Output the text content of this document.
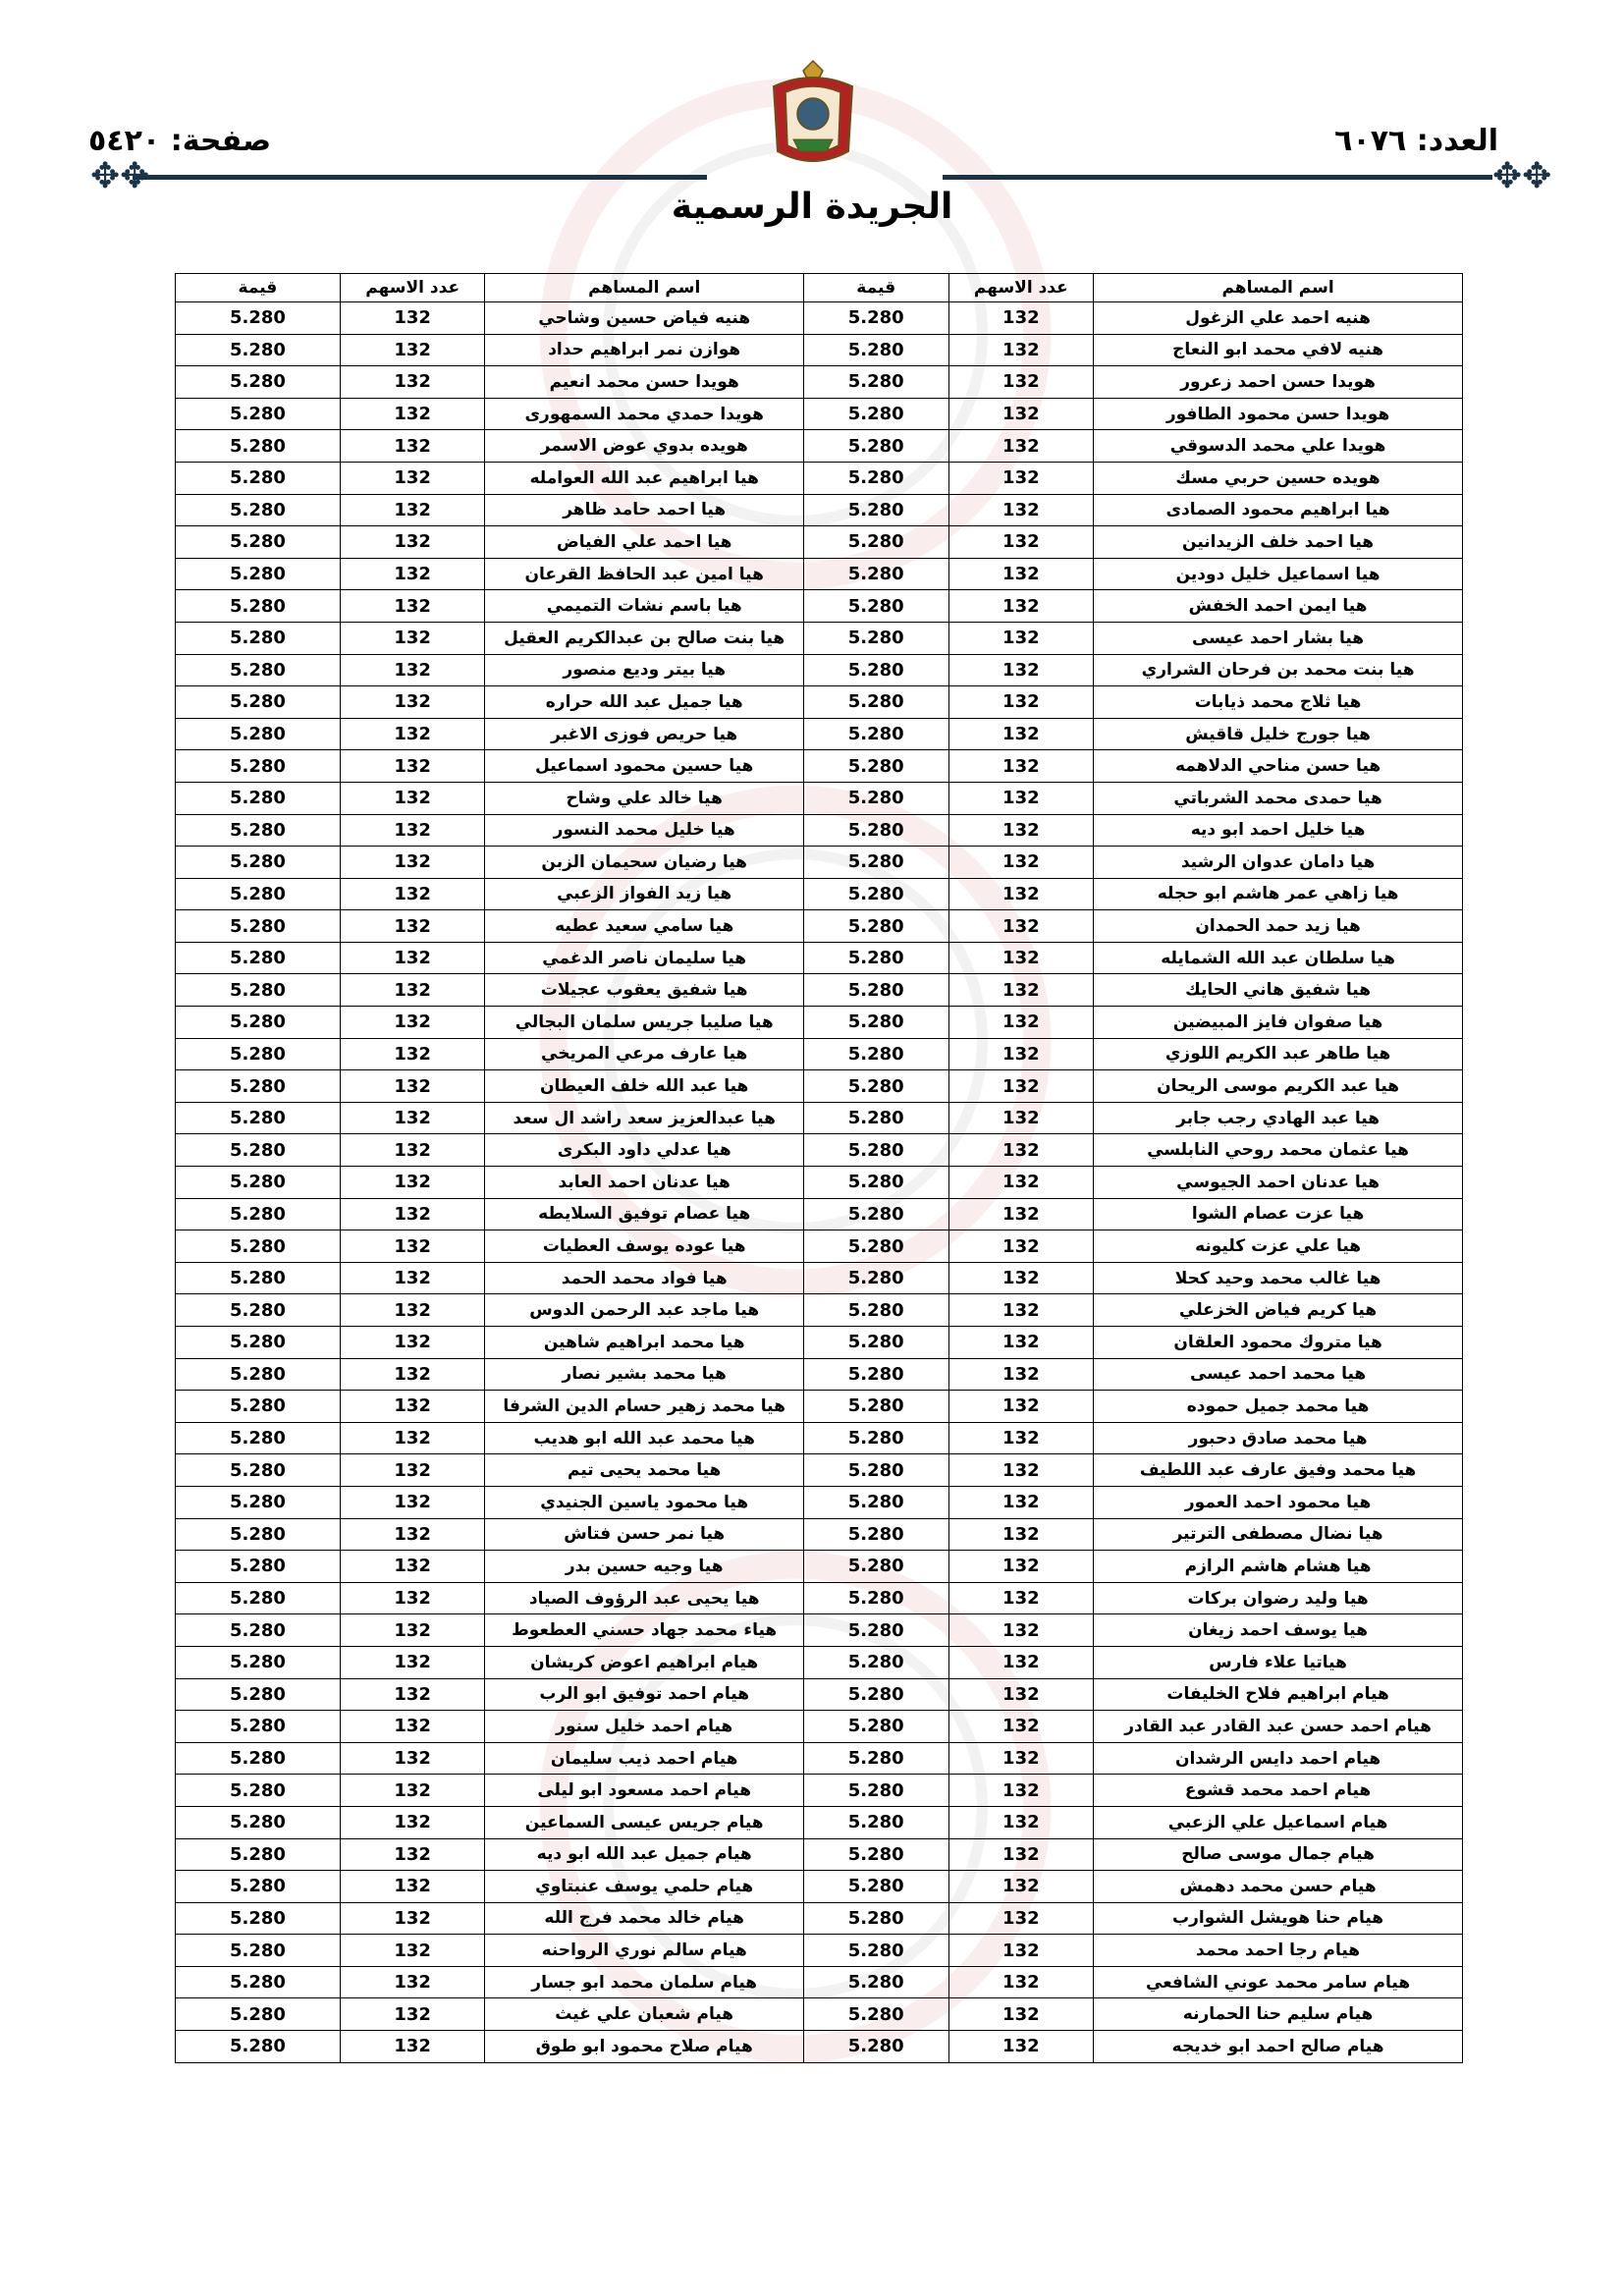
العدد: ٦٠٧٦
صفحة: ٥٤٢٠
✥✥	✥✥
الجريدة الرسمية
اسم المساهم	عدد الاسهم	قيمة	اسم المساهم	عدد الاسهم	قيمة
هنيه احمد علي الزغول	132	5.280	هنيه فياض حسين وشاحي	132	5.280
هنيه لافي محمد ابو النعاج	132	5.280	هوازن نمر ابراهيم حداد	132	5.280
هويدا حسن احمد زعرور	132	5.280	هويدا حسن محمد انعيم	132	5.280
هويدا حسن محمود الطافور	132	5.280	هويدا حمدي محمد السمهورى	132	5.280
هويدا علي محمد الدسوقي	132	5.280	هويده بدوي عوض الاسمر	132	5.280
هويده حسين حربي مسك	132	5.280	هيا ابراهيم عبد الله العوامله	132	5.280
هيا ابراهيم محمود الصمادى	132	5.280	هيا احمد حامد ظاهر	132	5.280
هيا احمد خلف الزيدانين	132	5.280	هيا احمد علي الفياض	132	5.280
هيا اسماعيل خليل دودين	132	5.280	هيا امين عبد الحافظ القرعان	132	5.280
هيا ايمن احمد الخفش	132	5.280	هيا باسم نشات التميمي	132	5.280
هيا بشار احمد عيسى	132	5.280	هيا بنت صالح بن عبدالكريم العقيل	132	5.280
هيا بنت محمد بن فرحان الشراري	132	5.280	هيا بيتر وديع منصور	132	5.280
هيا ثلاج محمد ذيابات	132	5.280	هيا جميل عبد الله حراره	132	5.280
هيا جورج خليل قاقيش	132	5.280	هيا حريص فوزى الاغبر	132	5.280
هيا حسن مناحي الدلاهمه	132	5.280	هيا حسين محمود اسماعيل	132	5.280
هيا حمدى محمد الشرباتي	132	5.280	هيا خالد علي وشاح	132	5.280
هيا خليل احمد ابو ديه	132	5.280	هيا خليل محمد النسور	132	5.280
هيا دامان عدوان الرشيد	132	5.280	هيا رضيان سحيمان الزبن	132	5.280
هيا زاهي عمر هاشم ابو حجله	132	5.280	هيا زيد الفواز الزعبي	132	5.280
هيا زيد حمد الحمدان	132	5.280	هيا سامي سعيد عطيه	132	5.280
هيا سلطان عبد الله الشمايله	132	5.280	هيا سليمان ناصر الدغمي	132	5.280
هيا شفيق هاني الحايك	132	5.280	هيا شفيق يعقوب عجيلات	132	5.280
هيا صفوان فايز المبيضين	132	5.280	هيا صليبا جريس سلمان البجالي	132	5.280
هيا طاهر عبد الكريم اللوزي	132	5.280	هيا عارف مرعي المريخي	132	5.280
هيا عبد الكريم موسى الريحان	132	5.280	هيا عبد الله خلف العيطان	132	5.280
هيا عبد الهادي رجب جابر	132	5.280	هيا عبدالعزيز سعد راشد ال سعد	132	5.280
هيا عثمان محمد روحي النابلسي	132	5.280	هيا عدلي داود البكرى	132	5.280
هيا عدنان احمد الجيوسي	132	5.280	هيا عدنان احمد العابد	132	5.280
هيا عزت عصام الشوا	132	5.280	هيا عصام توفيق السلايطه	132	5.280
هيا علي عزت كليونه	132	5.280	هيا عوده يوسف العطيات	132	5.280
هيا غالب محمد وحيد كحلا	132	5.280	هيا فواد محمد الحمد	132	5.280
هيا كريم فياض الخزعلي	132	5.280	هيا ماجد عبد الرحمن الدوس	132	5.280
هيا متروك محمود العلقان	132	5.280	هيا محمد ابراهيم شاهين	132	5.280
هيا محمد احمد عيسى	132	5.280	هيا محمد بشير نصار	132	5.280
هيا محمد جميل حموده	132	5.280	هيا محمد زهير حسام الدين الشرفا	132	5.280
هيا محمد صادق دحبور	132	5.280	هيا محمد عبد الله ابو هديب	132	5.280
هيا محمد وفيق عارف عبد اللطيف	132	5.280	هيا محمد يحيى تيم	132	5.280
هيا محمود احمد العمور	132	5.280	هيا محمود ياسين الجنيدي	132	5.280
هيا نضال مصطفى الترتير	132	5.280	هيا نمر حسن فتاش	132	5.280
هيا هشام هاشم الرازم	132	5.280	هيا وجيه حسين بدر	132	5.280
هيا وليد رضوان بركات	132	5.280	هيا يحيى عبد الرؤوف الصياد	132	5.280
هيا يوسف احمد زيغان	132	5.280	هياء محمد جهاد حسني العطعوط	132	5.280
هياتيا علاء فارس	132	5.280	هيام ابراهيم اعوض كريشان	132	5.280
هيام ابراهيم فلاح الخليفات	132	5.280	هيام احمد توفيق ابو الرب	132	5.280
هيام احمد حسن عبد القادر عبد القادر	132	5.280	هيام احمد خليل سنور	132	5.280
هيام احمد دايس الرشدان	132	5.280	هيام احمد ذيب سليمان	132	5.280
هيام احمد محمد قشوع	132	5.280	هيام احمد مسعود ابو ليلى	132	5.280
هيام اسماعيل علي الزعبي	132	5.280	هيام جريس عيسى السماعين	132	5.280
هيام جمال موسى صالح	132	5.280	هيام جميل عبد الله ابو ديه	132	5.280
هيام حسن محمد دهمش	132	5.280	هيام حلمي يوسف عنبتاوي	132	5.280
هيام حنا هويشل الشوارب	132	5.280	هيام خالد محمد فرج الله	132	5.280
هيام رجا احمد محمد	132	5.280	هيام سالم نوري الرواحنه	132	5.280
هيام سامر محمد عوني الشافعي	132	5.280	هيام سلمان محمد ابو جسار	132	5.280
هيام سليم حنا الحمارنه	132	5.280	هيام شعبان علي غيث	132	5.280
هيام صالح احمد ابو خديجه	132	5.280	هيام صلاح محمود ابو طوق	132	5.280
